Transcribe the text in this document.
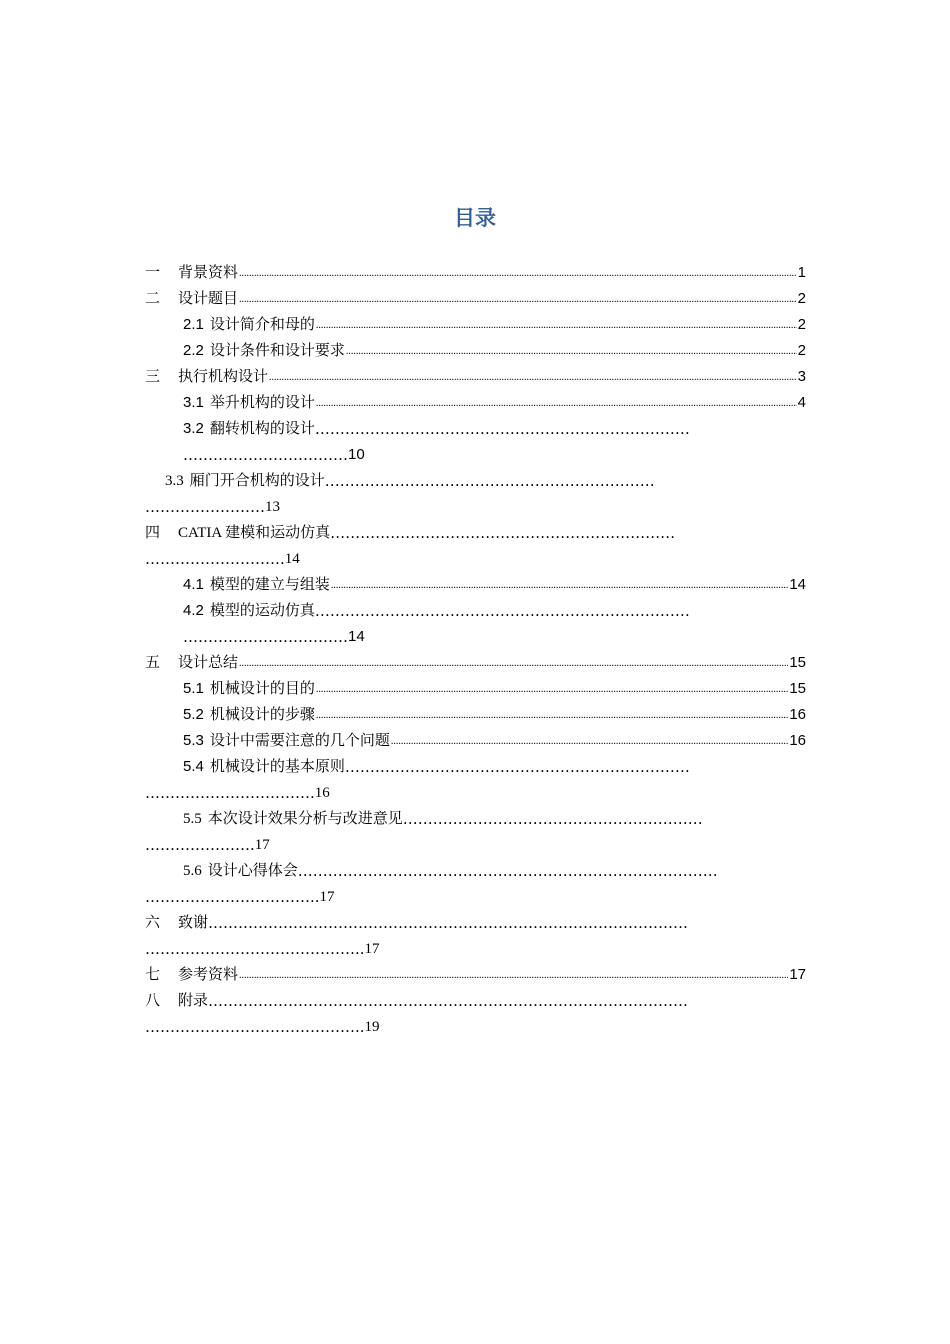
目录
一 背景资料 .....	1
二 设计题目 .....	2
2.1 设计简介和母的 .....	2
2.2 设计条件和设计要求 .....	2
三 执行机构设计 .....	3
3.1 举升机构的设计 .....	4
3.2 翻转机构的设计 …………………………………………………………………
…………………………… 10
3.3 厢门开合机构的设计 …………………………………………………………
…………………… 13
四 CATIA 建模和运动仿真 ……………………………………………………………
………………………. 14
4.1 模型的建立与组装 .....	14
4.2 模型的运动仿真 …………………………………………………………………
…………………………… 14
五 设计总结 .....	15
5.1 机械设计的目的 .....	15
5.2 机械设计的步骤 .....	16
5.3 设计中需要注意的几个问题 .....	16
5.4 机械设计的基本原则 ……………………………………………………………
……………………………. 16
5.5 本次设计效果分析与改进意见 ……………………………………………………
…………………. 17
5.6 设计心得体会 …………………………………………………………………………
…………………………….. 17
六 致谢 ……………………………………………………………………………………
…………………………………….. 17
七 参考资料 .....	17
八 附录 ……………………………………………………………………………………
…………………………………….. 19
